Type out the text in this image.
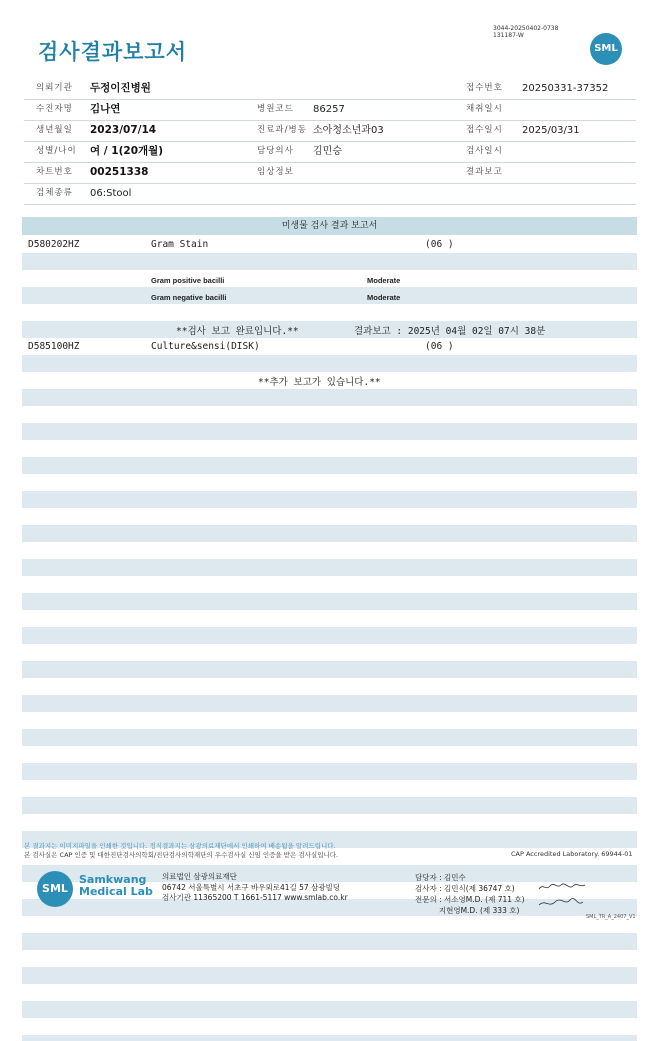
검사결과보고서
3044-20250402-0738
131187-W
SML
의뢰기관 두정이진병원	접수번호 20250331-37352
수진자명 김나연	병원코드 86257	채취일시
생년월일 2023/07/14	진료과/병동 소아청소년과03	접수일시 2025/03/31
성별/나이 여 / 1(20개월)	담당의사 김민승	검사일시
차트번호 00251338	임상정보	결과보고
검체종류 06:Stool
미생물 검사 결과 보고서
D580202HZ	Gram Stain	(06 )
Gram positive bacilli	Moderate
Gram negative bacilli	Moderate
**검사 보고 완료입니다.**	결과보고 : 2025년 04월 02일 07시 38분
D585100HZ	Culture&sensi(DISK)	(06 )
**추가 보고가 있습니다.**
본 결과지는 이미지파일을 인쇄한 것입니다. 정식결과지는 삼광의료재단에서 인쇄하여 배송됨을 알려드립니다.
본 검사실은 CAP 인증 및 대한진단검사의학회/진단검사의학재단의 우수검사실 신임 인증을 받은 검사실입니다.	CAP Accredited Laboratory. 69944-01
SML
Samkwang
Medical Lab
의료법인 삼광의료재단
06742 서울특별시 서초구 바우뫼로41길 57 삼광빌딩
검사기관 11365200 T 1661-5117 www.smlab.co.kr
담당자 : 김민수
검사자 : 김민식(제 36747 호)
전문의 : 서소영M.D. (제 711 호)
지현영M.D. (제 333 호)
SML_TR_A_2407_V1
